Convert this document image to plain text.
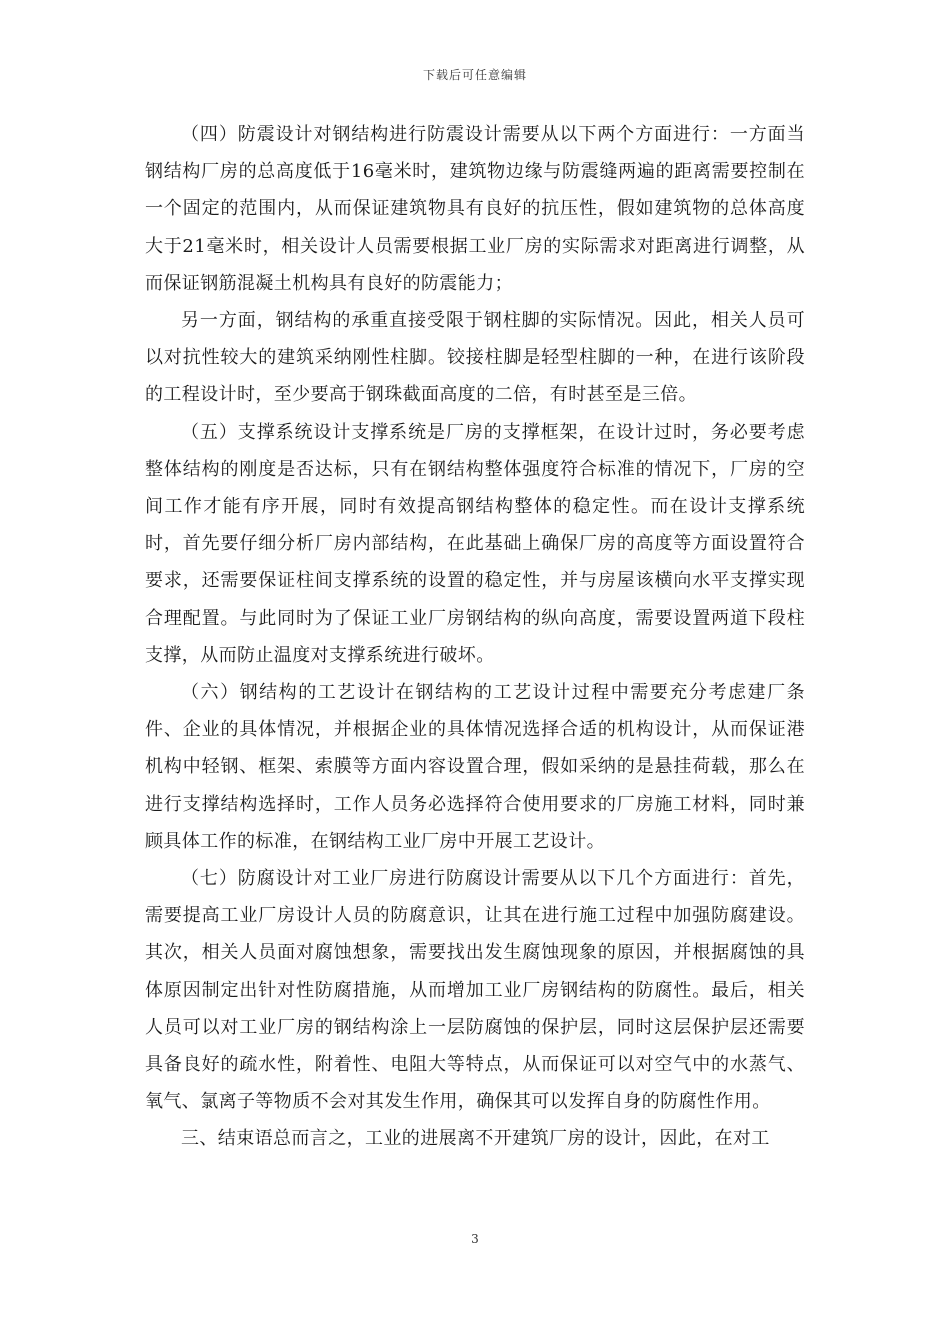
下载后可任意编辑

（四）防震设计对钢结构进行防震设计需要从以下两个方面进行：一方面当钢结构厂房的总高度低于16毫米时，建筑物边缘与防震缝两遍的距离需要控制在一个固定的范围内，从而保证建筑物具有良好的抗压性，假如建筑物的总体高度大于21毫米时，相关设计人员需要根据工业厂房的实际需求对距离进行调整，从而保证钢筋混凝土机构具有良好的防震能力；

另一方面，钢结构的承重直接受限于钢柱脚的实际情况。因此，相关人员可以对抗性较大的建筑采纳刚性柱脚。铰接柱脚是轻型柱脚的一种，在进行该阶段的工程设计时，至少要高于钢珠截面高度的二倍，有时甚至是三倍。

（五）支撑系统设计支撑系统是厂房的支撑框架，在设计过时，务必要考虑整体结构的刚度是否达标，只有在钢结构整体强度符合标准的情况下，厂房的空间工作才能有序开展，同时有效提高钢结构整体的稳定性。而在设计支撑系统时，首先要仔细分析厂房内部结构，在此基础上确保厂房的高度等方面设置符合要求，还需要保证柱间支撑系统的设置的稳定性，并与房屋该横向水平支撑实现合理配置。与此同时为了保证工业厂房钢结构的纵向高度，需要设置两道下段柱支撑，从而防止温度对支撑系统进行破坏。

（六）钢结构的工艺设计在钢结构的工艺设计过程中需要充分考虑建厂条件、企业的具体情况，并根据企业的具体情况选择合适的机构设计，从而保证港机构中轻钢、框架、索膜等方面内容设置合理，假如采纳的是悬挂荷载，那么在进行支撑结构选择时，工作人员务必选择符合使用要求的厂房施工材料，同时兼顾具体工作的标准，在钢结构工业厂房中开展工艺设计。

（七）防腐设计对工业厂房进行防腐设计需要从以下几个方面进行：首先，需要提高工业厂房设计人员的防腐意识，让其在进行施工过程中加强防腐建设。其次，相关人员面对腐蚀想象，需要找出发生腐蚀现象的原因，并根据腐蚀的具体原因制定出针对性防腐措施，从而增加工业厂房钢结构的防腐性。最后，相关人员可以对工业厂房的钢结构涂上一层防腐蚀的保护层，同时这层保护层还需要具备良好的疏水性，附着性、电阻大等特点，从而保证可以对空气中的水蒸气、氧气、氯离子等物质不会对其发生作用，确保其可以发挥自身的防腐性作用。

三、结束语总而言之，工业的进展离不开建筑厂房的设计，因此，在对工

3
